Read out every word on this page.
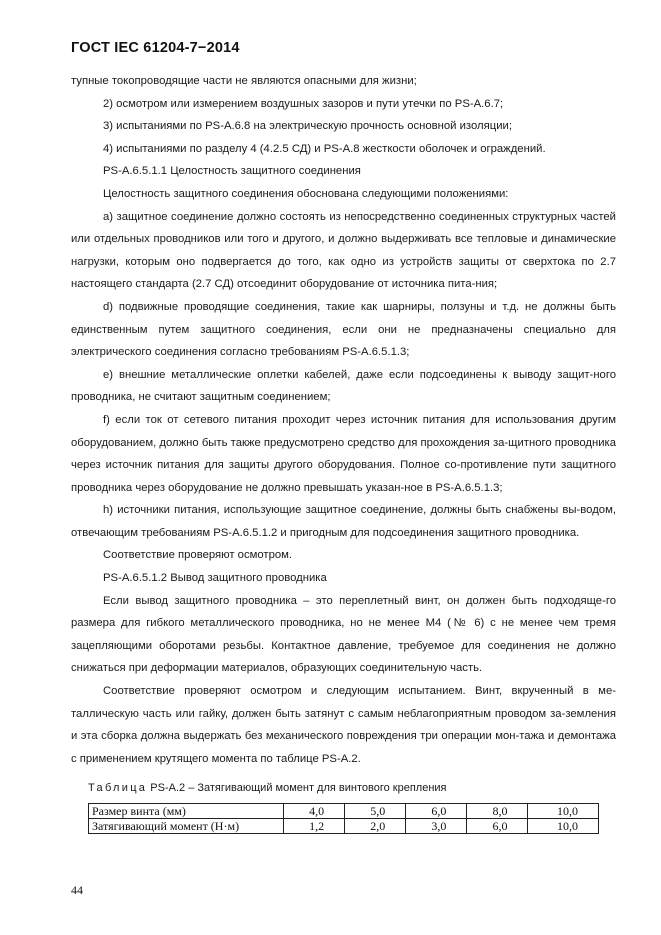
ГОСТ IEC 61204-7−2014

тупные токопроводящие части не являются опасными для жизни;

2) осмотром или измерением воздушных зазоров и пути утечки по PS-A.6.7;

3) испытаниями по PS-A.6.8 на электрическую прочность основной изоляции;

4) испытаниями по разделу 4 (4.2.5 СД) и PS-A.8 жесткости оболочек и ограждений.

PS-A.6.5.1.1 Целостность защитного соединения

Целостность защитного соединения обоснована следующими положениями:

a) защитное соединение должно состоять из непосредственно соединенных структурных частей или отдельных проводников или того и другого, и должно выдерживать все тепловые и динамические нагрузки, которым оно подвергается до того, как одно из устройств защиты от сверхтока по 2.7 настоящего стандарта (2.7 СД) отсоединит оборудование от источника пита-ния;

d) подвижные проводящие соединения, такие как шарниры, ползуны и т.д. не должны быть единственным путем защитного соединения, если они не предназначены специально для электрического соединения согласно требованиям PS-A.6.5.1.3;

e) внешние металлические оплетки кабелей, даже если подсоединены к выводу защит-ного проводника, не считают защитным соединением;

f) если ток от сетевого питания проходит через источник питания для использования другим оборудованием, должно быть также предусмотрено средство для прохождения за-щитного проводника через источник питания для защиты другого оборудования. Полное со-противление пути защитного проводника через оборудование не должно превышать указан-ное в PS-A.6.5.1.3;

h) источники питания, использующие защитное соединение, должны быть снабжены вы-водом, отвечающим требованиям PS-A.6.5.1.2 и пригодным для подсоединения защитного проводника.

Соответствие проверяют осмотром.

PS-A.6.5.1.2 Вывод защитного проводника

Если вывод защитного проводника – это переплетный винт, он должен быть подходяще-го размера для гибкого металлического проводника, но не менее M4 (№ 6) с не менее чем тремя зацепляющими оборотами резьбы. Контактное давление, требуемое для соединения не должно снижаться при деформации материалов, образующих соединительную часть.

Соответствие проверяют осмотром и следующим испытанием. Винт, вкрученный в ме-таллическую часть или гайку, должен быть затянут с самым неблагоприятным проводом за-земления и эта сборка должна выдержать без механического повреждения три операции мон-тажа и демонтажа с применением крутящего момента по таблице PS-A.2.

Таблица PS-A.2 – Затягивающий момент для винтового крепления
Размер винта (мм)	4,0	5,0	6,0	8,0	10,0
Затягивающий момент (Н·м)	1,2	2,0	3,0	6,0	10,0
44
